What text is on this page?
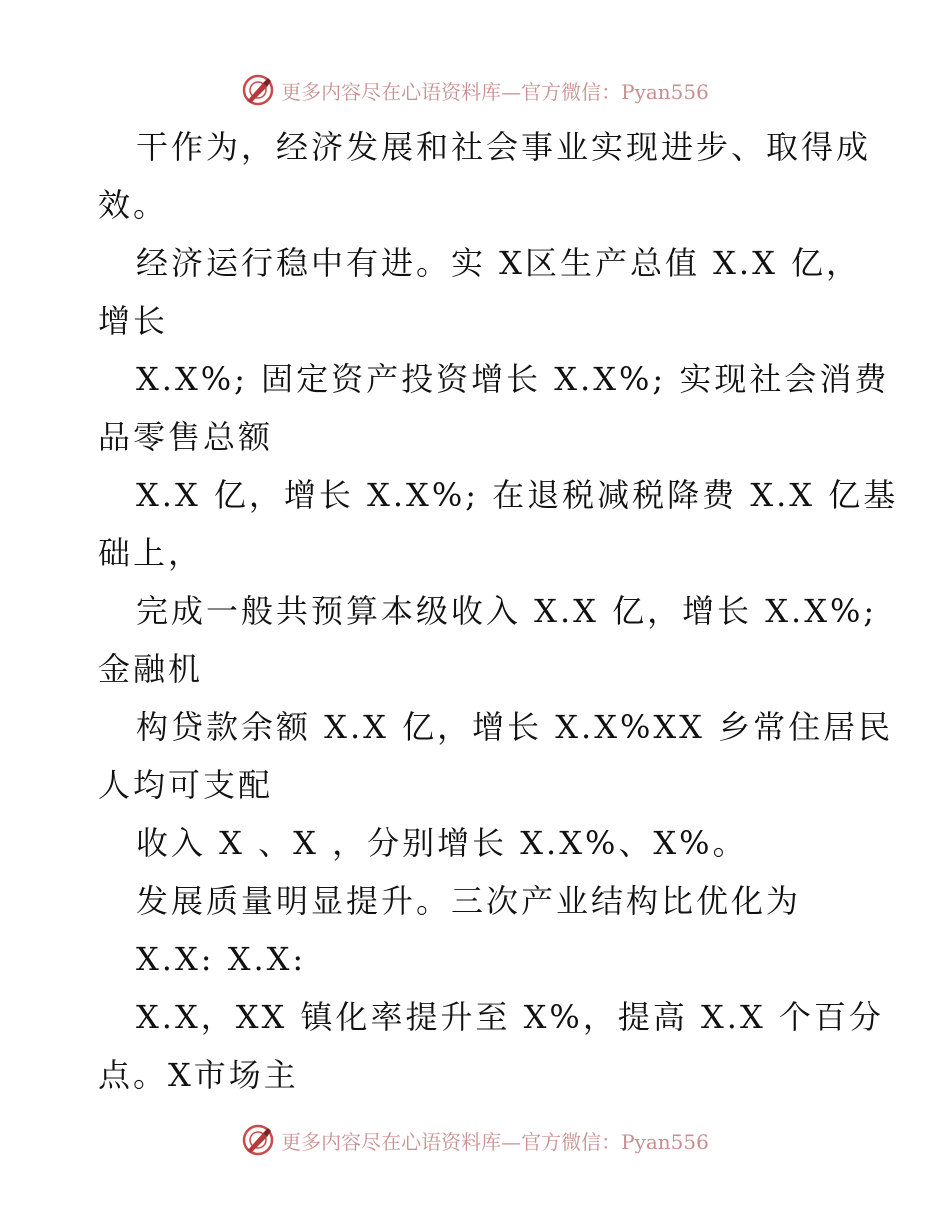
更多内容尽在心语资料库—官方微信：Pyan556
干作为，经济发展和社会事业实现进步、取得成
效。
经济运行稳中有进。实 X区生产总值 X.X 亿，
增长
X.X%; 固定资产投资增长 X.X%; 实现社会消费
品零售总额
X.X 亿，增长 X.X%; 在退税减税降费 X.X 亿基
础上，
完成一般共预算本级收入 X.X 亿，增长 X.X%;
金融机
构贷款余额 X.X 亿，增长 X.X%XX 乡常住居民
人均可支配
收入 X 、X ，分别增长 X.X%、X%。
发展质量明显提升。三次产业结构比优化为
X.X: X.X:
X.X，XX 镇化率提升至 X%，提高 X.X 个百分
点。X市场主
更多内容尽在心语资料库—官方微信：Pyan556
